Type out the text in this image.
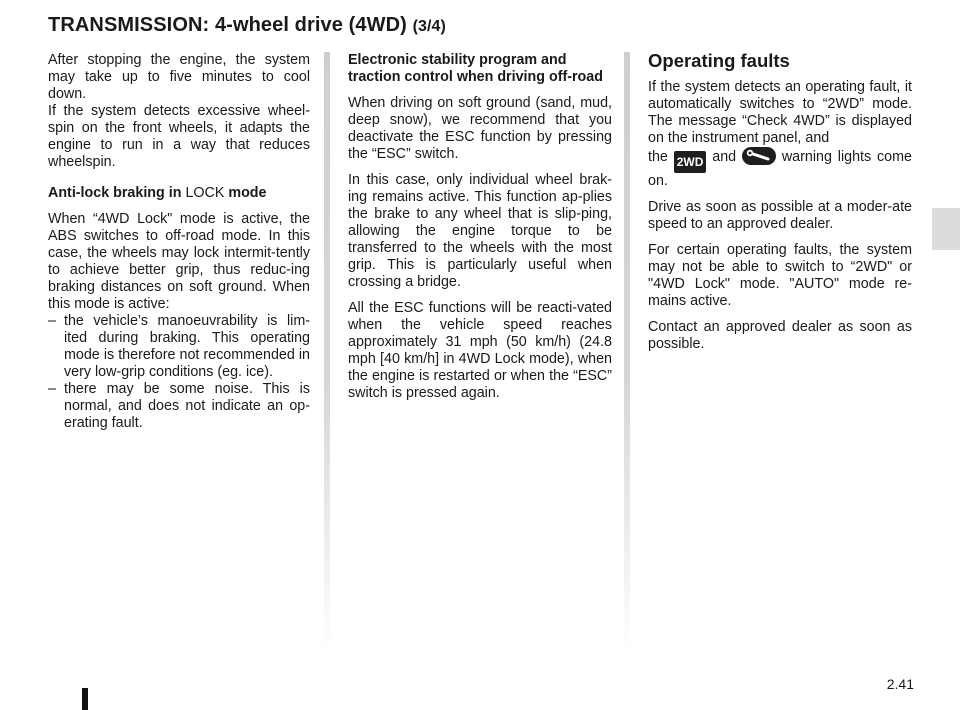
TRANSMISSION: 4-wheel drive (4WD) (3/4)

After stopping the engine, the system may take up to five minutes to cool down.

If the system detects excessive wheel-spin on the front wheels, it adapts the engine to run in a way that reduces wheelspin.

Anti-lock braking in LOCK mode

When “4WD Lock" mode is active, the ABS switches to off-road mode. In this case, the wheels may lock intermit-tently to achieve better grip, thus reduc-ing braking distances on soft ground. When this mode is active:

– the vehicle’s manoeuvrability is lim-ited during braking. This operating mode is therefore not recommended in very low-grip conditions (eg. ice).
– there may be some noise. This is normal, and does not indicate an op-erating fault.

Electronic stability program and traction control when driving off-road

When driving on soft ground (sand, mud, deep snow), we recommend that you deactivate the ESC function by pressing the “ESC” switch.

In this case, only individual wheel brak-ing remains active. This function ap-plies the brake to any wheel that is slip-ping, allowing the engine torque to be transferred to the wheels with the most grip. This is particularly useful when crossing a bridge.

All the ESC functions will be reacti-vated when the vehicle speed reaches approximately 31 mph (50 km/h) (24.8 mph [40 km/h] in 4WD Lock mode), when the engine is restarted or when the “ESC” switch is pressed again.

Operating faults

If the system detects an operating fault, it automatically switches to “2WD” mode. The message “Check 4WD” is displayed on the instrument panel, and

the 2WD and	warning lights come on.

Drive as soon as possible at a moder-ate speed to an approved dealer.

For certain operating faults, the system may not be able to switch to “2WD" or "4WD Lock" mode. "AUTO" mode re-mains active.

Contact an approved dealer as soon as possible.

2.41
